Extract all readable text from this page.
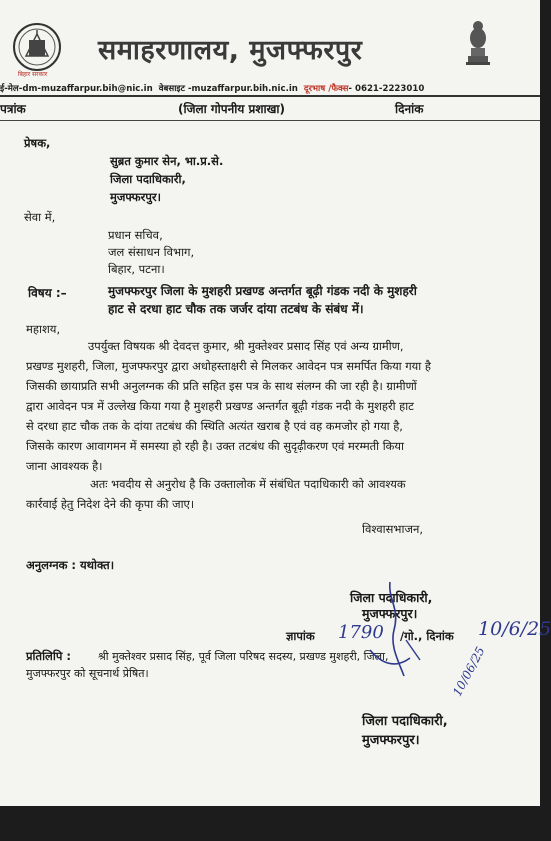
बिहार सरकार
समाहरणालय, मुजफ्फरपुर
ई-मेल-dm-muzaffarpur.bih@nic.in वेबसाइट -muzaffarpur.bih.nic.in दूरभाष /फैक्स- 0621-2223010
पत्रांक	(जिला गोपनीय प्रशाखा)	दिनांक
प्रेषक,
सुब्रत कुमार सेन, भा.प्र.से.
जिला पदाधिकारी,
मुजफ्फरपुर।
सेवा में,
प्रधान सचिव,
जल संसाधन विभाग,
बिहार, पटना।
विषय :–	मुजफ्फरपुर जिला के मुशहरी प्रखण्ड अन्तर्गत बूढ़ी गंडक नदी के मुशहरी
हाट से दरधा हाट चौक तक जर्जर दांया तटबंध के संबंध में।
महाशय,
उपर्युक्त विषयक श्री देवदत्त कुमार, श्री मुक्तेश्वर प्रसाद सिंह एवं अन्य ग्रामीण,
प्रखण्ड मुशहरी, जिला, मुजफ्फरपुर द्वारा अधोहस्ताक्षरी से मिलकर आवेदन पत्र समर्पित किया गया है
जिसकी छायाप्रति सभी अनुलग्नक की प्रति सहित इस पत्र के साथ संलग्न की जा रही है। ग्रामीणों
द्वारा आवेदन पत्र में उल्लेख किया गया है मुशहरी प्रखण्ड अन्तर्गत बूढ़ी गंडक नदी के मुशहरी हाट
से दरधा हाट चौक तक के दांया तटबंध की स्थिति अत्यंत खराब है एवं वह कमजोर हो गया है,
जिसके कारण आवागमन में समस्या हो रही है। उक्त तटबंध की सुदृढ़ीकरण एवं मरम्मती किया
जाना आवश्यक है।
अतः भवदीय से अनुरोध है कि उक्तालोक में संबंधित पदाधिकारी को आवश्यक
कार्रवाई हेतु निदेश देने की कृपा की जाए।
विश्वासभाजन,
अनुलग्नक : यथोक्त।
जिला पदाधिकारी,
मुजफ्फरपुर।
ज्ञापांक 1790 /गो., दिनांक 10/6/25
प्रतिलिपि : श्री मुक्तेश्वर प्रसाद सिंह, पूर्व जिला परिषद सदस्य, प्रखण्ड मुशहरी, जिला,
मुजफ्फरपुर को सूचनार्थ प्रेषित।	10/06/25
जिला पदाधिकारी,
मुजफ्फरपुर।
